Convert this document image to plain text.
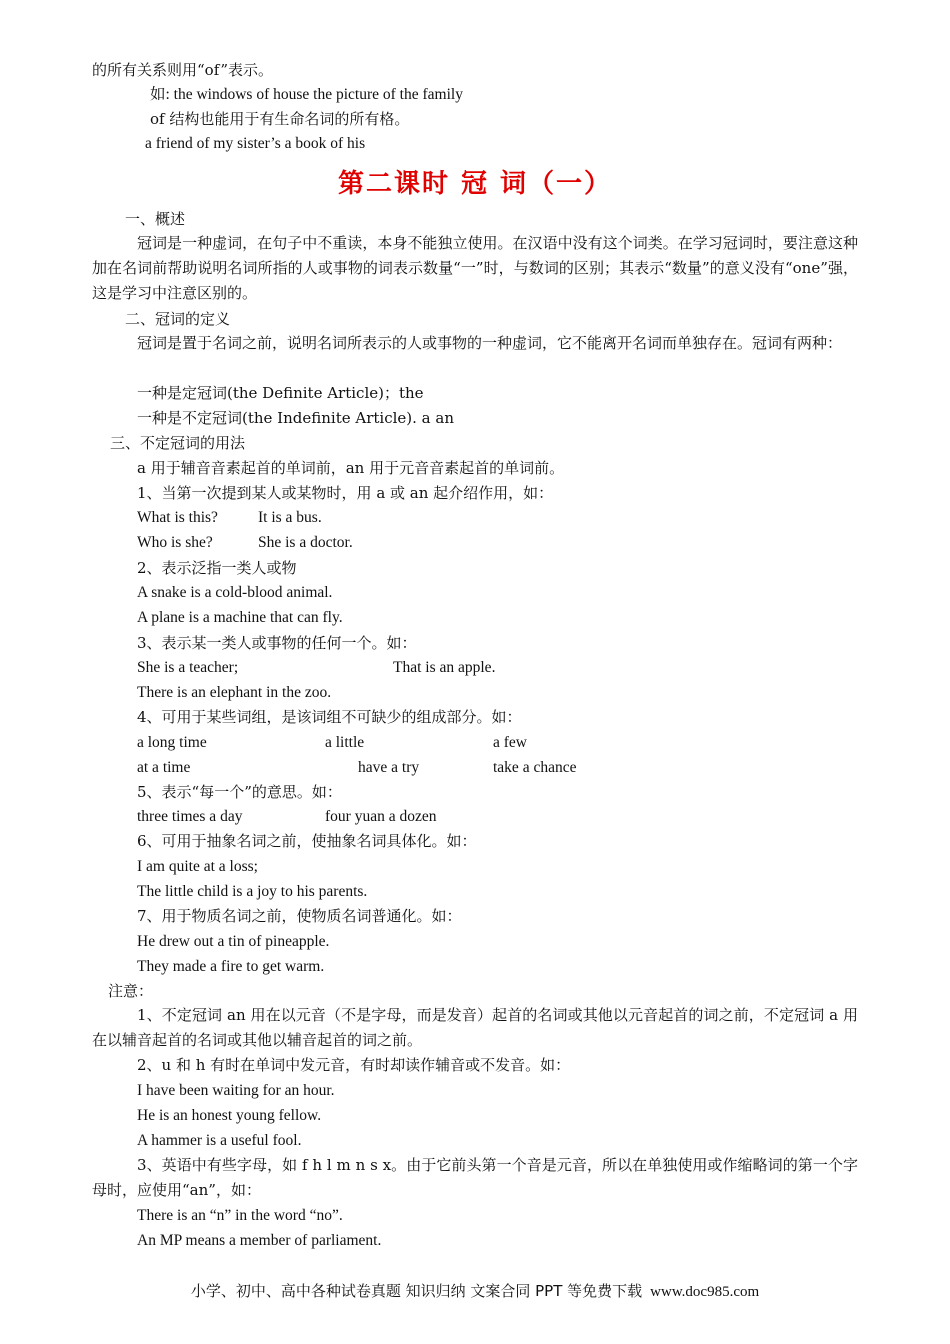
的所有关系则用“of”表示。
如: the windows of house the picture of the family
of 结构也能用于有生命名词的所有格。
a friend of my sister’s a book of his
第二课时 冠 词（一）
一、概述
冠词是一种虚词，在句子中不重读，本身不能独立使用。在汉语中没有这个词类。在学习冠词时，要注意这种加在名词前帮助说明名词所指的人或事物的词表示数量“一”时，与数词的区别；其表示“数量”的意义没有“one”强，这是学习中注意区别的。
二、冠词的定义
冠词是置于名词之前，说明名词所表示的人或事物的一种虚词，它不能离开名词而单独存在。冠词有两种：
一种是定冠词(the Definite Article)；the
一种是不定冠词(the Indefinite Article). a an
三、不定冠词的用法
a 用于辅音音素起首的单词前，an 用于元音音素起首的单词前。
1、当第一次提到某人或某物时，用 a 或 an 起介绍作用，如：
What is this?	It is a bus.
Who is she?	She is a doctor.
2、表示泛指一类人或物
A snake is a cold-blood animal.
A plane is a machine that can fly.
3、表示某一类人或事物的任何一个。如：
She is a teacher;	That is an apple.
There is an elephant in the zoo.
4、可用于某些词组，是该词组不可缺少的组成部分。如：
a long time	a little	a few
at a time	have a try	take a chance
5、表示“每一个”的意思。如：
three times a day	four yuan a dozen
6、可用于抽象名词之前，使抽象名词具体化。如：
I am quite at a loss;
The little child is a joy to his parents.
7、用于物质名词之前，使物质名词普通化。如：
He drew out a tin of pineapple.
They made a fire to get warm.
注意：
1、不定冠词 an 用在以元音（不是字母，而是发音）起首的名词或其他以元音起首的词之前，不定冠词 a 用在以辅音起首的名词或其他以辅音起首的词之前。
2、u 和 h 有时在单词中发元音，有时却读作辅音或不发音。如：
I have been waiting for an hour.
He is an honest young fellow.
A hammer is a useful fool.
3、英语中有些字母，如 f h l m n s x。由于它前头第一个音是元音，所以在单独使用或作缩略词的第一个字母时，应使用“an”，如：
There is an “n” in the word “no”.
An MP means a member of parliament.
小学、初中、高中各种试卷真题 知识归纳 文案合同 PPT 等免费下载 www.doc985.com
